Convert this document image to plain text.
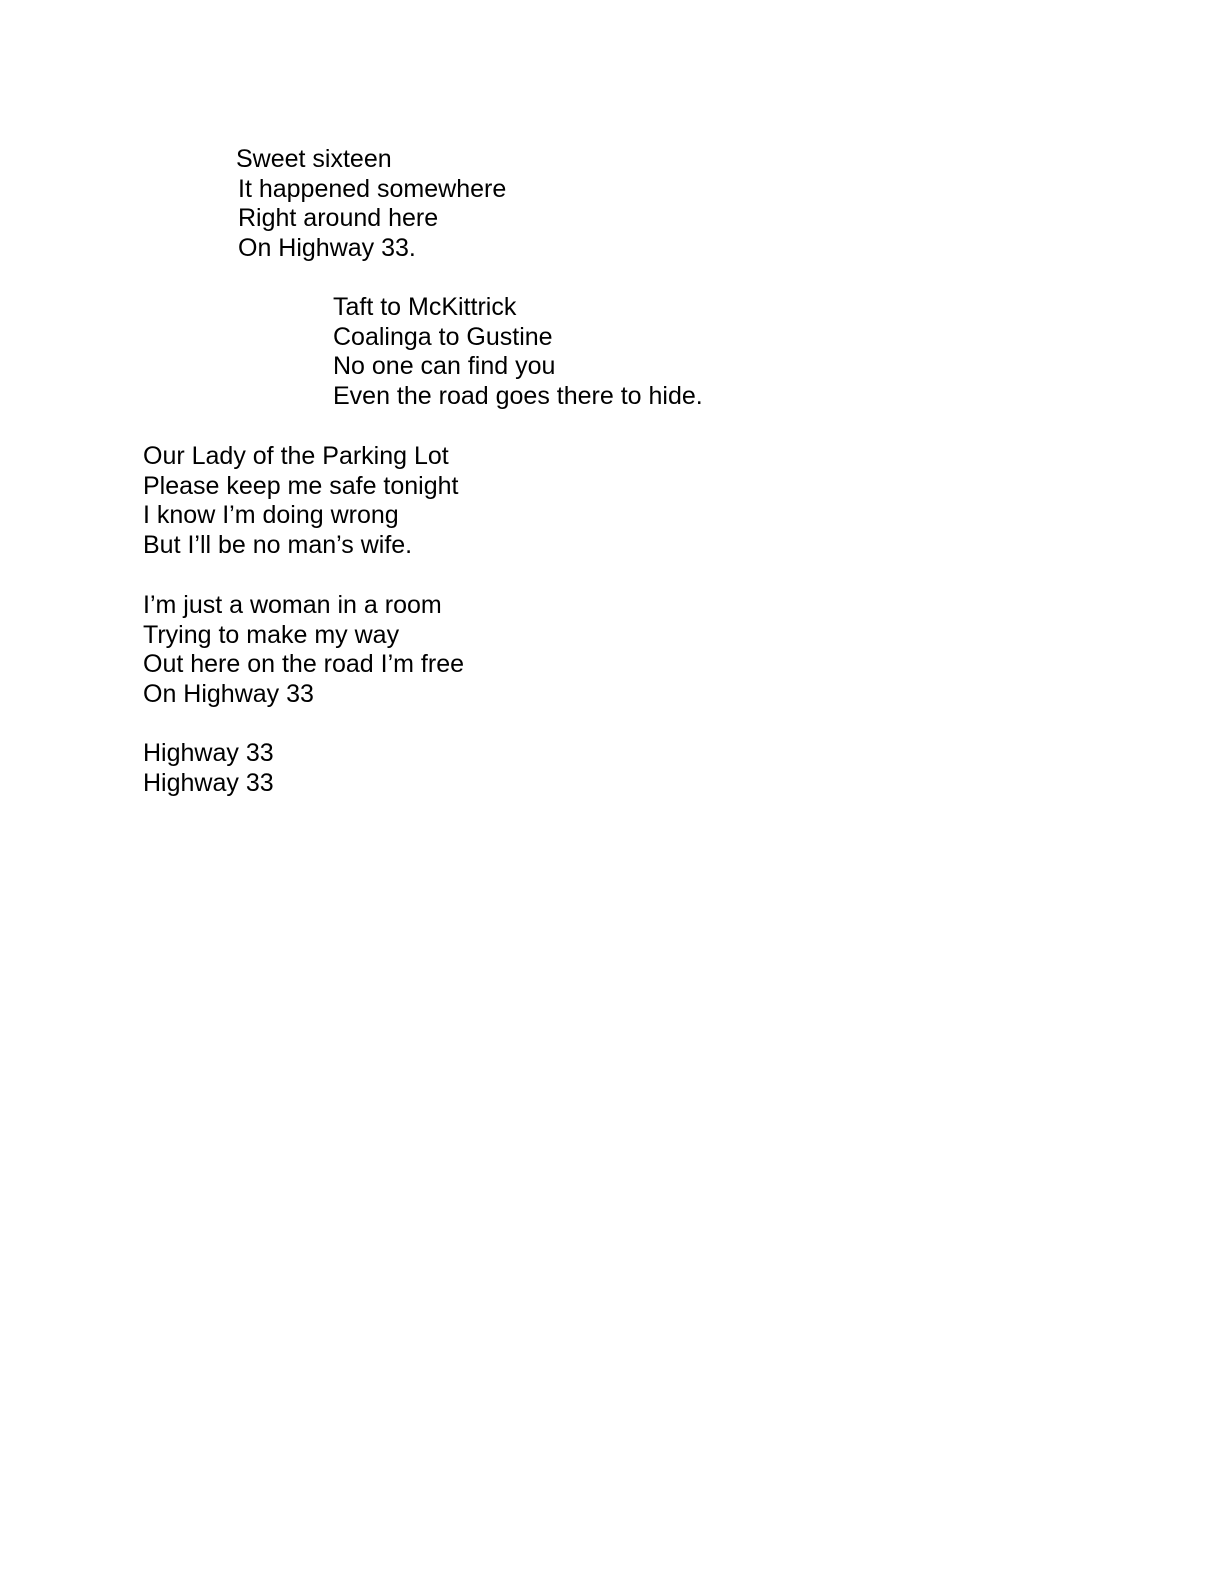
Sweet sixteen
It happened somewhere
Right around here
On Highway 33.
Taft to McKittrick
Coalinga to Gustine
No one can find you
Even the road goes there to hide.
Our Lady of the Parking Lot
Please keep me safe tonight
I know I’m doing wrong
But I’ll be no man’s wife.
I’m just a woman in a room
Trying to make my way
Out here on the road I’m free
On Highway 33
Highway 33
Highway 33
